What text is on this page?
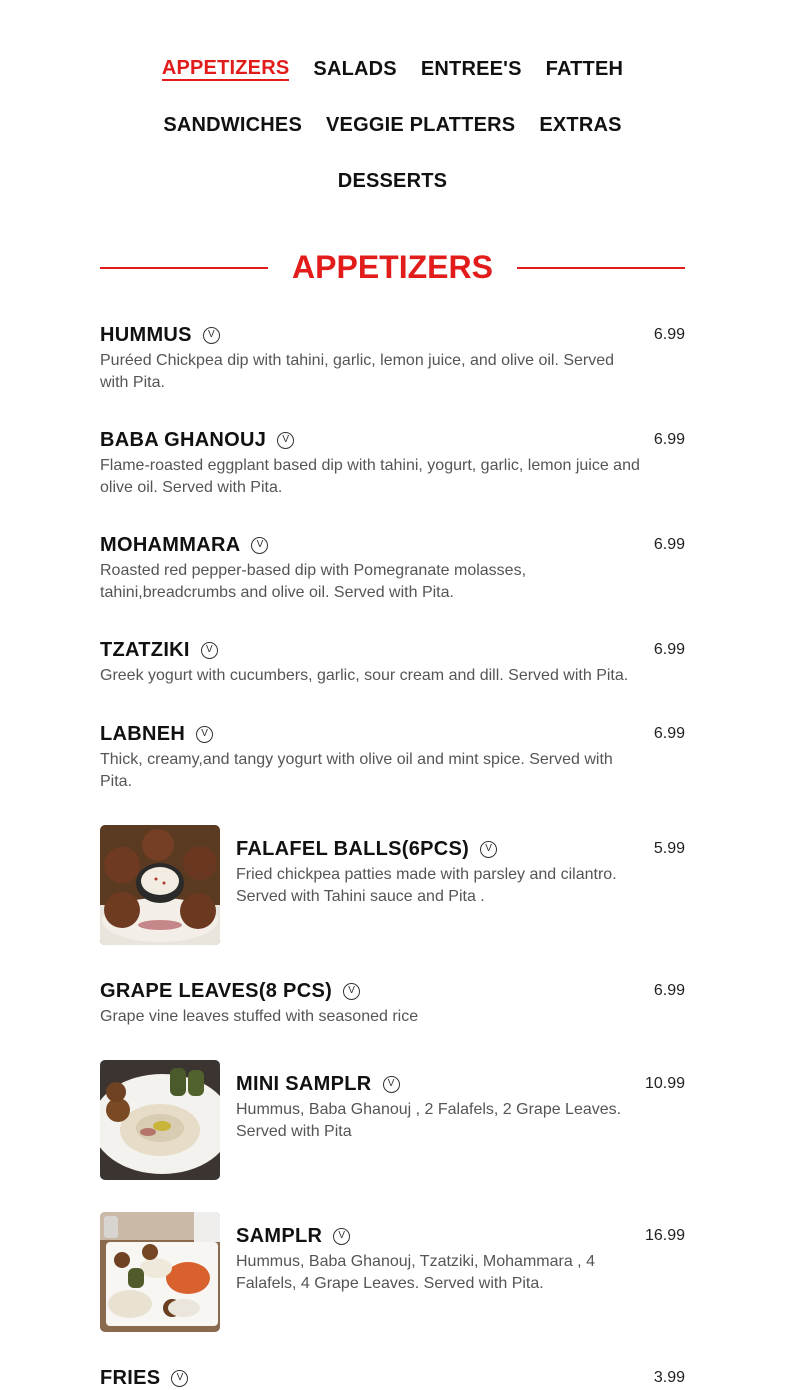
APPETIZERS SALADS ENTREE'S FATTEH
SANDWICHES VEGGIE PLATTERS EXTRAS
DESSERTS
APPETIZERS
HUMMUS	V	6.99
Puréed Chickpea dip with tahini, garlic, lemon juice, and olive oil. Served with Pita.
BABA GHANOUJ	V	6.99
Flame-roasted eggplant based dip with tahini, yogurt, garlic, lemon juice and olive oil. Served with Pita.
MOHAMMARA	V	6.99
Roasted red pepper-based dip with Pomegranate molasses, tahini,breadcrumbs and olive oil. Served with Pita.
TZATZIKI	V	6.99
Greek yogurt with cucumbers, garlic, sour cream and dill. Served with Pita.
LABNEH	V	6.99
Thick, creamy,and tangy yogurt with olive oil and mint spice. Served with Pita.
FALAFEL BALLS(6PCS)	V	5.99
Fried chickpea patties made with parsley and cilantro. Served with Tahini sauce and Pita .
GRAPE LEAVES(8 PCS)	V	6.99
Grape vine leaves stuffed with seasoned rice
MINI SAMPLR	V	10.99
Hummus, Baba Ghanouj , 2 Falafels, 2 Grape Leaves. Served with Pita
SAMPLR	V	16.99
Hummus, Baba Ghanouj, Tzatziki, Mohammara , 4 Falafels, 4 Grape Leaves. Served with Pita.
FRIES	V	3.99
